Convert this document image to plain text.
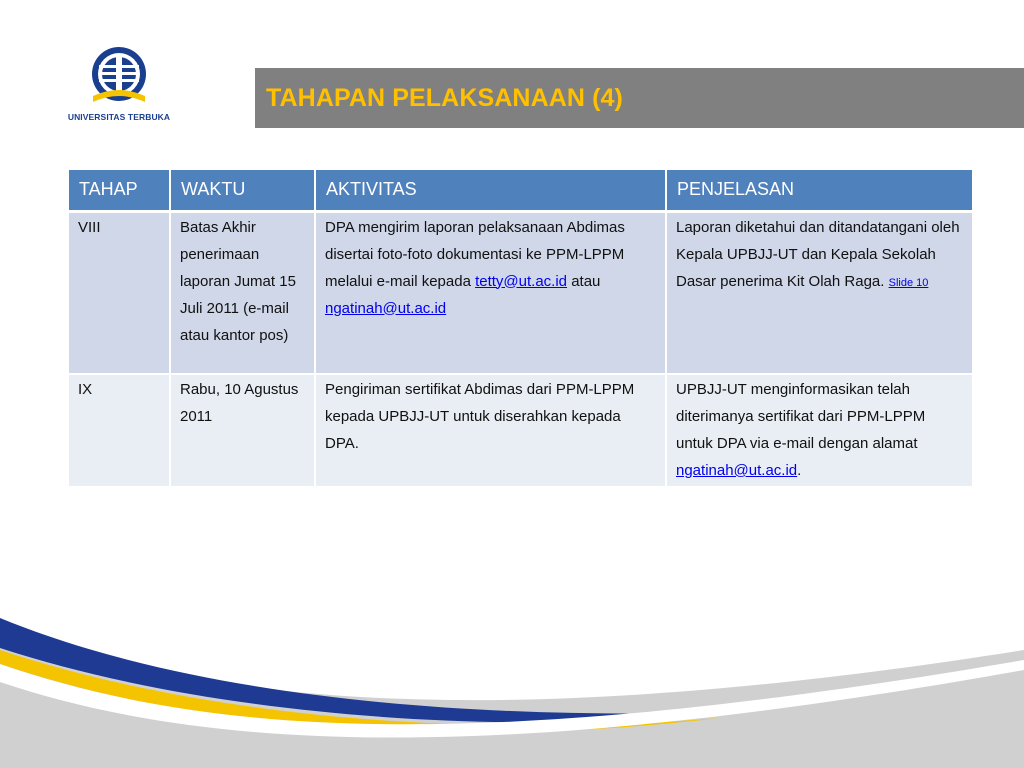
UNIVERSITAS TERBUKA
TAHAPAN PELAKSANAAN (4)
TAHAP	WAKTU	AKTIVITAS	PENJELASAN
VIII	Batas Akhir penerimaan laporan Jumat 15 Juli 2011 (e-mail atau kantor pos)	DPA mengirim laporan pelaksanaan Abdimas disertai foto-foto dokumentasi ke PPM-LPPM melalui e-mail kepada tetty@ut.ac.id atau ngatinah@ut.ac.id	Laporan diketahui dan ditandatangani oleh Kepala UPBJJ-UT dan Kepala Sekolah Dasar penerima Kit Olah Raga. Slide 10
IX	Rabu, 10 Agustus 2011	Pengiriman sertifikat Abdimas dari PPM-LPPM kepada UPBJJ-UT untuk diserahkan kepada DPA.	UPBJJ-UT menginformasikan telah diterimanya sertifikat dari PPM-LPPM untuk DPA via e-mail dengan alamat ngatinah@ut.ac.id.
